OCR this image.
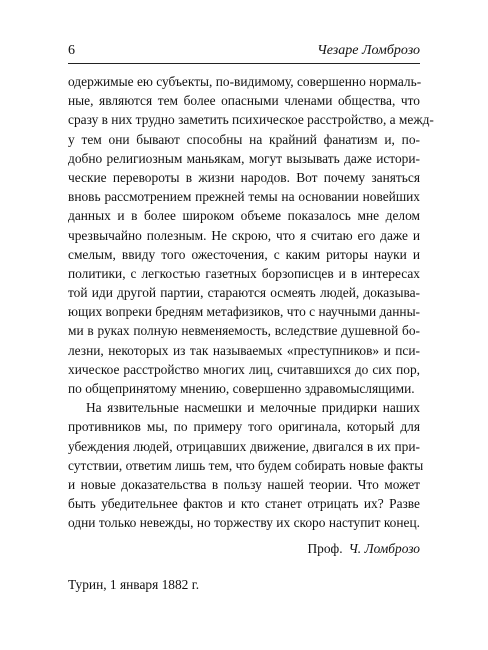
6	Чезаре Ломброзо
одержимые ею субъекты, по-видимому, совершенно нормаль-
ные, являются тем более опасными членами общества, что
сразу в них трудно заметить психическое расстройство, а межд-
у тем они бывают способны на крайний фанатизм и, по-
добно религиозным маньякам, могут вызывать даже истори-
ческие перевороты в жизни народов. Вот почему заняться
вновь рассмотрением прежней темы на основании новейших
данных и в более широком объеме показалось мне делом
чрезвычайно полезным. Не скрою, что я считаю его даже и
смелым, ввиду того ожесточения, с каким риторы науки и
политики, с легкостью газетных борзописцев и в интересах
той иди другой партии, стараются осмеять людей, доказыва-
ющих вопреки бредням метафизиков, что с научными данны-
ми в руках полную невменяемость, вследствие душевной бо-
лезни, некоторых из так называемых «преступников» и пси-
хическое расстройство многих лиц, считавшихся до сих пор,
по общепринятому мнению, совершенно здравомыслящими.
На язвительные насмешки и мелочные придирки наших
противников мы, по примеру того оригинала, который для
убеждения людей, отрицавших движение, двигался в их при-
сутствии, ответим лишь тем, что будем собирать новые факты
и новые доказательства в пользу нашей теории. Что может
быть убедительнее фактов и кто станет отрицать их? Разве
одни только невежды, но торжеству их скоро наступит конец.
Проф. Ч. Ломброзо
Турин, 1 января 1882 г.
